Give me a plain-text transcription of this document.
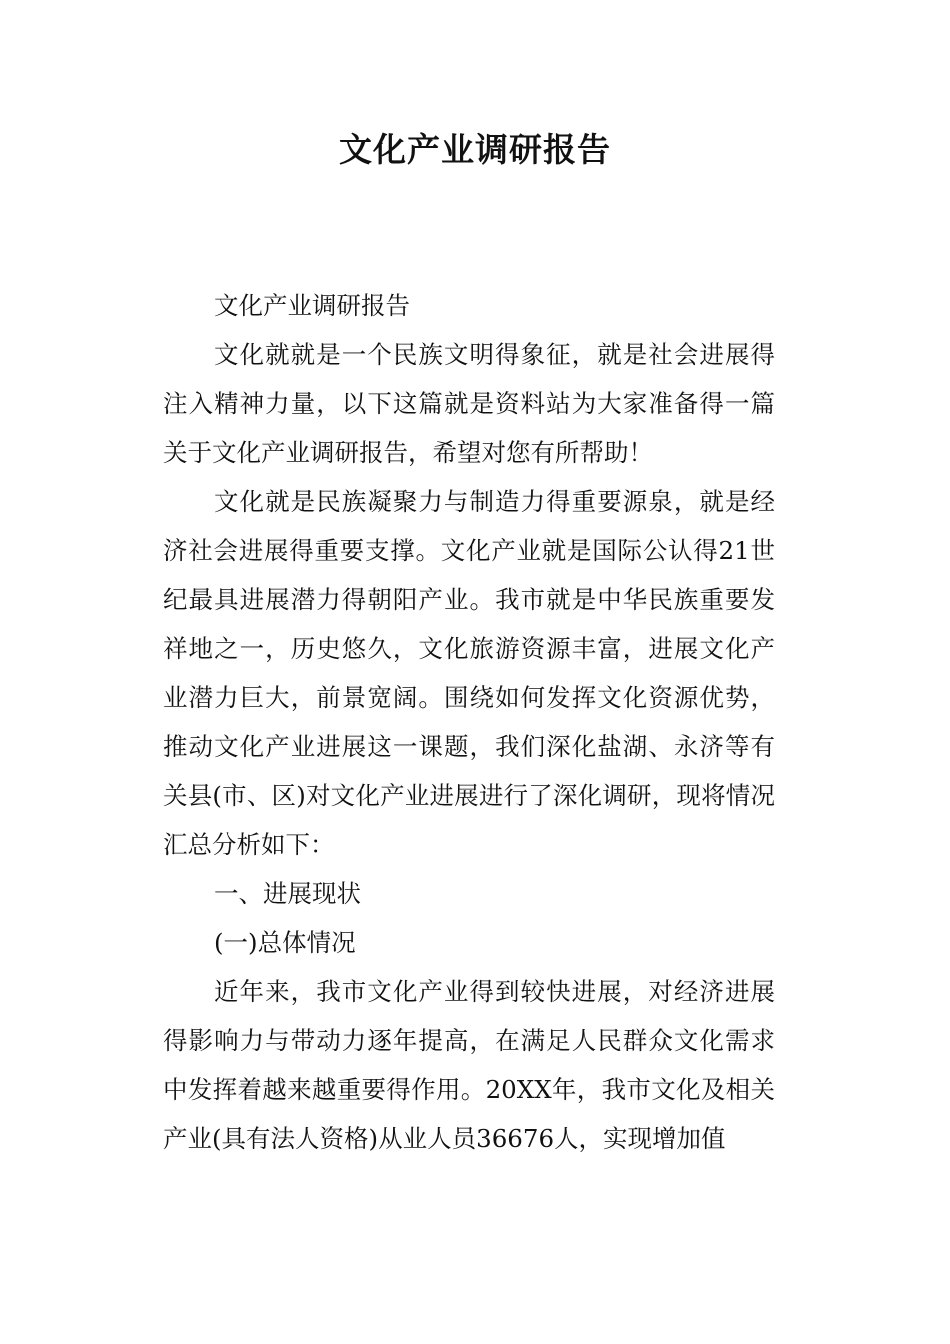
文化产业调研报告

文化产业调研报告

文化就就是一个民族文明得象征，就是社会进展得注入精神力量，以下这篇就是资料站为大家准备得一篇关于文化产业调研报告，希望对您有所帮助！

文化就是民族凝聚力与制造力得重要源泉，就是经济社会进展得重要支撑。文化产业就是国际公认得21世纪最具进展潜力得朝阳产业。我市就是中华民族重要发祥地之一，历史悠久，文化旅游资源丰富，进展文化产业潜力巨大，前景宽阔。围绕如何发挥文化资源优势，推动文化产业进展这一课题，我们深化盐湖、永济等有关县(市、区)对文化产业进展进行了深化调研，现将情况汇总分析如下：

一、进展现状

(一)总体情况

近年来，我市文化产业得到较快进展，对经济进展得影响力与带动力逐年提高，在满足人民群众文化需求中发挥着越来越重要得作用。20XX年，我市文化及相关产业(具有法人资格)从业人员36676人，实现增加值
